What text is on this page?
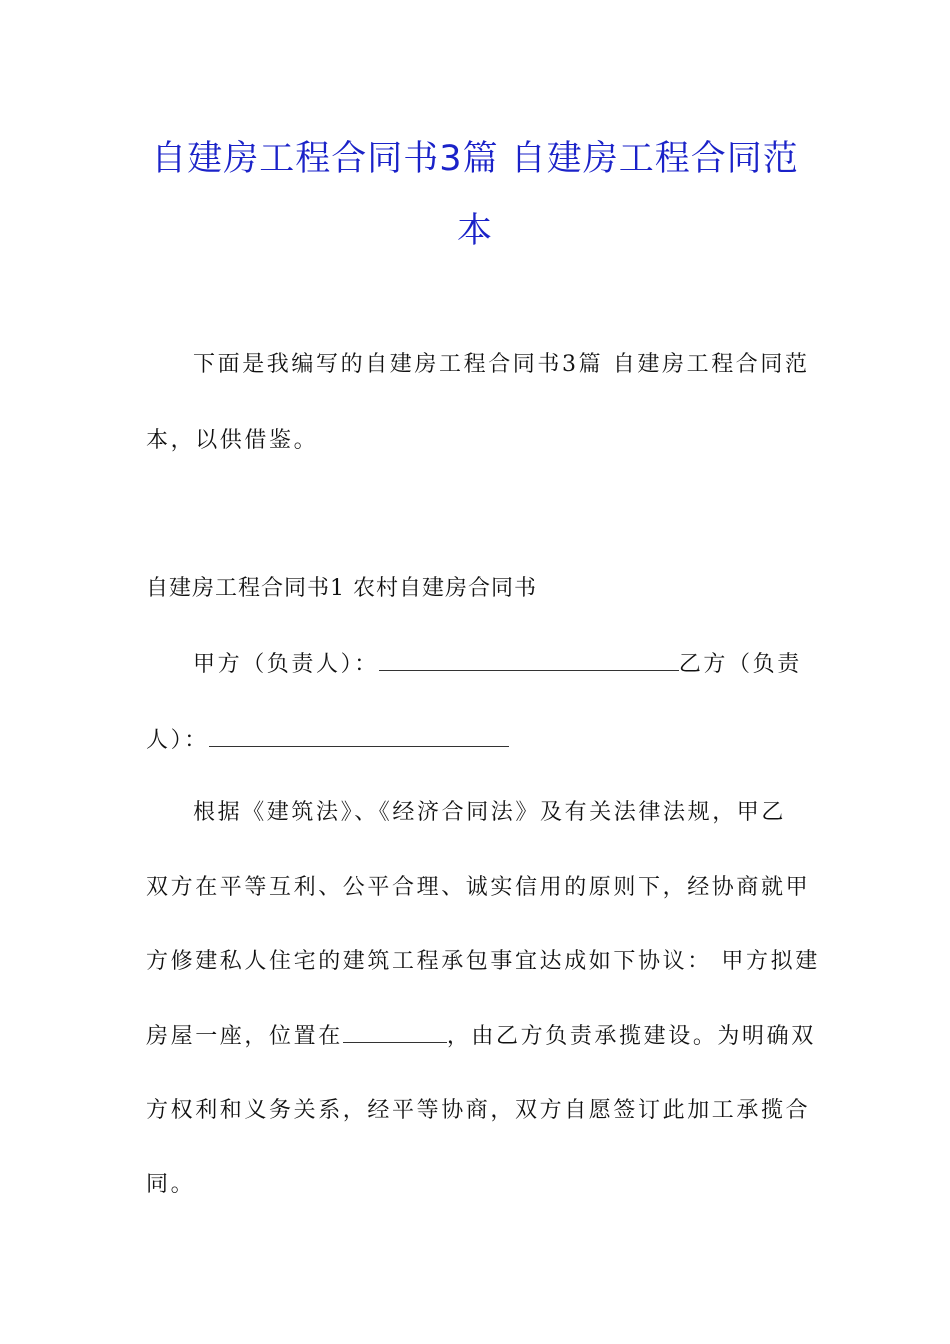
自建房工程合同书3篇 自建房工程合同范
本
下面是我编写的自建房工程合同书3篇 自建房工程合同范
本，以供借鉴。
自建房工程合同书1 农村自建房合同书
甲方（负责人）：	乙方（负责
人）：
根据《建筑法》、《经济合同法》及有关法律法规，甲乙
双方在平等互利、公平合理、诚实信用的原则下，经协商就甲
方修建私人住宅的建筑工程承包事宜达成如下协议： 甲方拟建
房屋一座，位置在	，由乙方负责承揽建设。为明确双
方权利和义务关系，经平等协商，双方自愿签订此加工承揽合
同。
